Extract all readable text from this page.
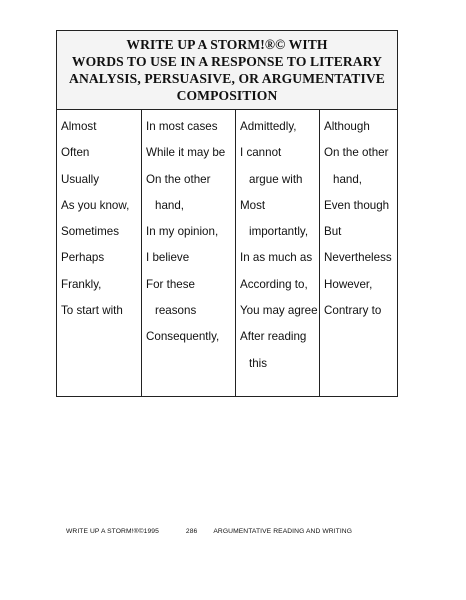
WRITE UP A STORM!®© WITH
WORDS TO USE IN A RESPONSE TO LITERARY
ANALYSIS, PERSUASIVE, OR ARGUMENTATIVE
COMPOSITION
Almost
Often
Usually
As you know,
Sometimes
Perhaps
Frankly,
To start with
In most cases
While it may be
On the other
hand,
In my opinion,
I believe
For these
reasons
Consequently,
Admittedly,
I cannot
argue with
Most
importantly,
In as much as
According to,
You may agree
After reading
this
Although
On the other
hand,
Even though
But
Nevertheless
However,
Contrary to
WRITE UP A STORM!®©1995	286 ARGUMENTATIVE READING AND WRITING
